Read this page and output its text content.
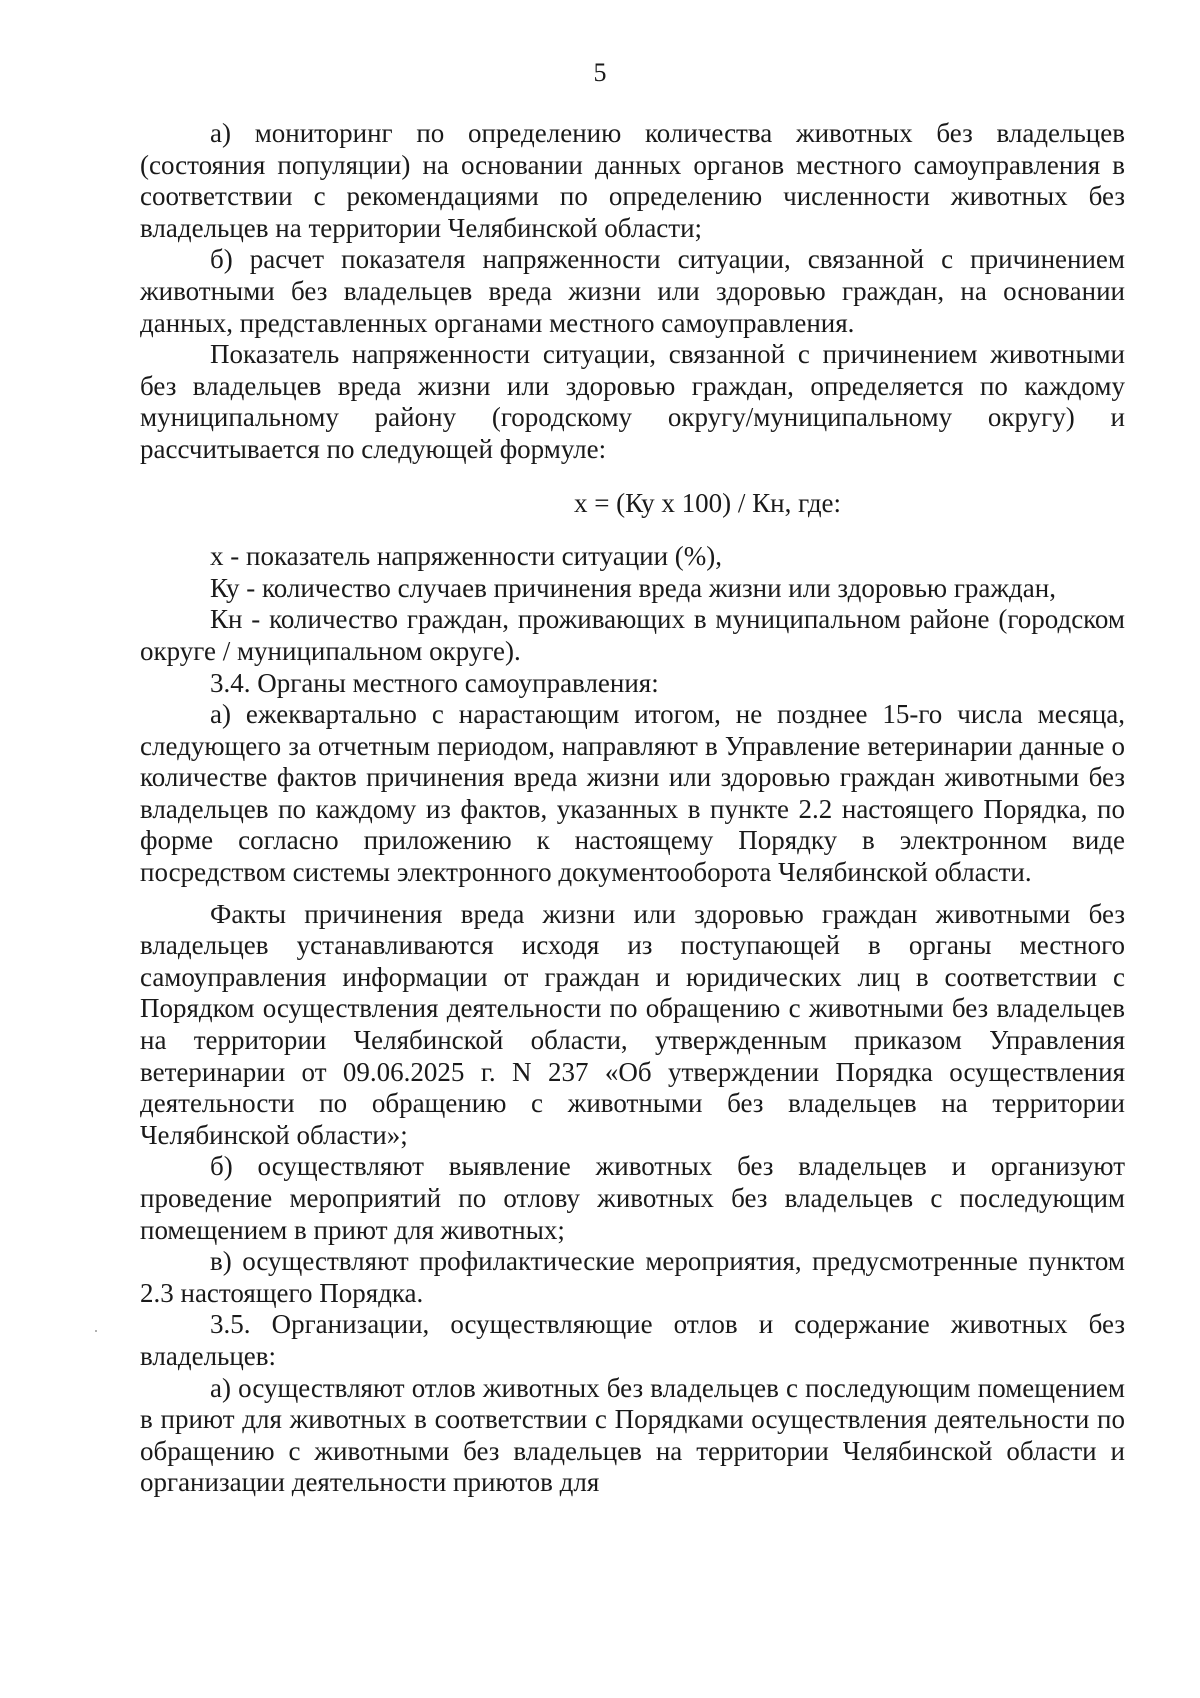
5

а) мониторинг по определению количества животных без владельцев (состояния популяции) на основании данных органов местного самоуправления в соответствии с рекомендациями по определению численности животных без владельцев на территории Челябинской области;

б) расчет показателя напряженности ситуации, связанной с причинением животными без владельцев вреда жизни или здоровью граждан, на основании данных, представленных органами местного самоуправления.

Показатель напряженности ситуации, связанной с причинением животными без владельцев вреда жизни или здоровью граждан, определяется по каждому муниципальному району (городскому округу/муниципальному округу) и рассчитывается по следующей формуле:

х = (Ку х 100) / Кн, где:

х - показатель напряженности ситуации (%),

Ку - количество случаев причинения вреда жизни или здоровью граждан,

Кн - количество граждан, проживающих в муниципальном районе (городском округе / муниципальном округе).

3.4. Органы местного самоуправления:

а) ежеквартально с нарастающим итогом, не позднее 15-го числа месяца, следующего за отчетным периодом, направляют в Управление ветеринарии данные о количестве фактов причинения вреда жизни или здоровью граждан животными без владельцев по каждому из фактов, указанных в пункте 2.2 настоящего Порядка, по форме согласно приложению к настоящему Порядку в электронном виде посредством системы электронного документооборота Челябинской области.

Факты причинения вреда жизни или здоровью граждан животными без владельцев устанавливаются исходя из поступающей в органы местного самоуправления информации от граждан и юридических лиц в соответствии с Порядком осуществления деятельности по обращению с животными без владельцев на территории Челябинской области, утвержденным приказом Управления ветеринарии от 09.06.2025 г. N 237 «Об утверждении Порядка осуществления деятельности по обращению с животными без владельцев на территории Челябинской области»;

б) осуществляют выявление животных без владельцев и организуют проведение мероприятий по отлову животных без владельцев с последующим помещением в приют для животных;

в) осуществляют профилактические мероприятия, предусмотренные пунктом 2.3 настоящего Порядка.

3.5. Организации, осуществляющие отлов и содержание животных без владельцев:

а) осуществляют отлов животных без владельцев с последующим помещением в приют для животных в соответствии с Порядками осуществления деятельности по обращению с животными без владельцев на территории Челябинской области и организации деятельности приютов для
